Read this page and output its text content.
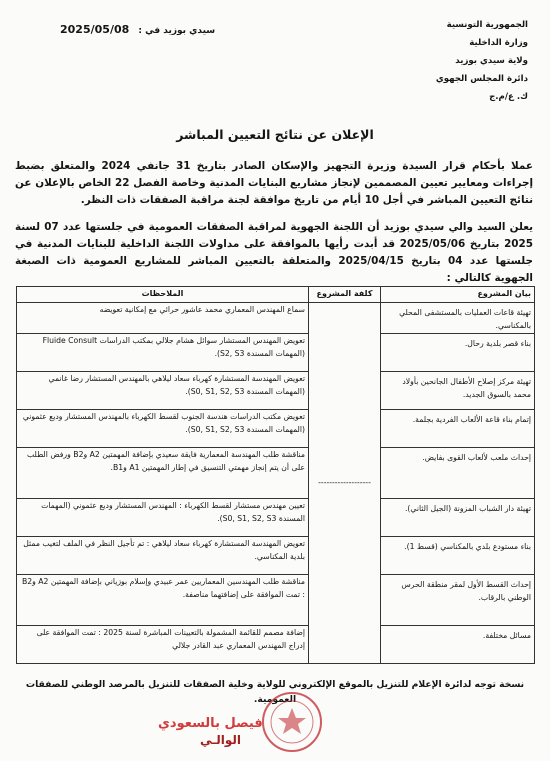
الجمهورية التونسية
وزارة الداخلية
ولاية سيدي بوزيد
دائرة المجلس الجهوي
ك. ع/م.ج
سيدي بوزيد في : 2025/05/08
الإعلان عن نتائج التعيين المباشر
عملا بأحكام قرار السيدة وزيرة التجهيز والإسكان الصادر بتاريخ 31 جانفي 2024 والمتعلق بضبط إجراءات ومعايير تعيين المصممين لإنجاز مشاريع البنايات المدنية وخاصة الفصل 22 الخاص بالإعلان عن نتائج التعيين المباشر في أجل 10 أيام من تاريخ موافقة لجنة مراقبة الصفقات ذات النظر.
يعلن السيد والي سيدي بوزيد أن اللجنة الجهوية لمراقبة الصفقات العمومية في جلستها عدد 07 لسنة 2025 بتاريخ 2025/05/06 قد أبدت رأيها بالموافقة على مداولات اللجنة الداخلية للبنايات المدنية في جلستها عدد 04 بتاريخ 2025/04/15 والمتعلقة بالتعيين المباشر للمشاريع العمومية ذات الصبغة الجهوية كالتالي :
بيان المشروع	كلفة المشروع	الملاحظات
تهيئة قاعات العمليات بالمستشفى المحلي بالمكناسي.	-------------------	سماع المهندس المعماري محمد عاشور حرائي مع إمكانية تعويضه
بناء قصر بلدية رحال.		تعويض المهندس المستشار سوائل هشام جلالي بمكتب الدراسات Fluide Consult (المهمات المسندة S2, S3).
تهيئة مركز إصلاح الأطفال الجانحين بأولاد محمد بالسوق الجديد.		تعويض المهندسة المستشارة كهرباء سعاد ليلاهي بالمهندس المستشار رضا غانمي (المهمات المسندة S0, S1, S2, S3).
إتمام بناء قاعة الألعاب الفردية بجلمة.		تعويض مكتب الدراسات هندسة الجنوب لقسط الكهرباء بالمهندس المستشار وديع عثموني (المهمات المسندة S0, S1, S2, S3).
إحداث ملعب لألعاب القوى بفايض.		مناقشة طلب المهندسة المعمارية فايقة سعيدي بإضافة المهمتين A2 وB2 ورفض الطلب على أن يتم إنجاز مهمتي التنسيق في إطار المهمتين A1 وB1.
تهيئة دار الشباب المزونة (الجيل الثاني).		تعيين مهندس مستشار لقسط الكهرباء : المهندس المستشار وديع عثموني (المهمات المسندة S0, S1, S2, S3).
بناء مستودع بلدي بالمكناسي (قسط 1).		تعويض المهندسة المستشارة كهرباء سعاد ليلاهي : تم تأجيل النظر في الملف لتغيب ممثل بلدية المكناسي.
إحداث القسط الأول لمقر منطقة الحرس الوطني بالرقاب.		مناقشة طلب المهندسين المعماريين عمر عبيدي وإسلام بوزياني بإضافة المهمتين A2 وB2 : تمت الموافقة على إضافتهما مناصفة.
مسائل مختلفة.		إضافة مصمم للقائمة المشمولة بالتعيينات المباشرة لسنة 2025 : تمت الموافقة على إدراج المهندس المعماري عبد القادر جلالي
نسخة توجه لدائرة الإعلام للتنزيل بالموقع الإلكتروني للولاية وخلية الصفقات للتنزيل بالمرصد الوطني للصفقات العمومية.
الوالـي
فيصل بالسعودي
